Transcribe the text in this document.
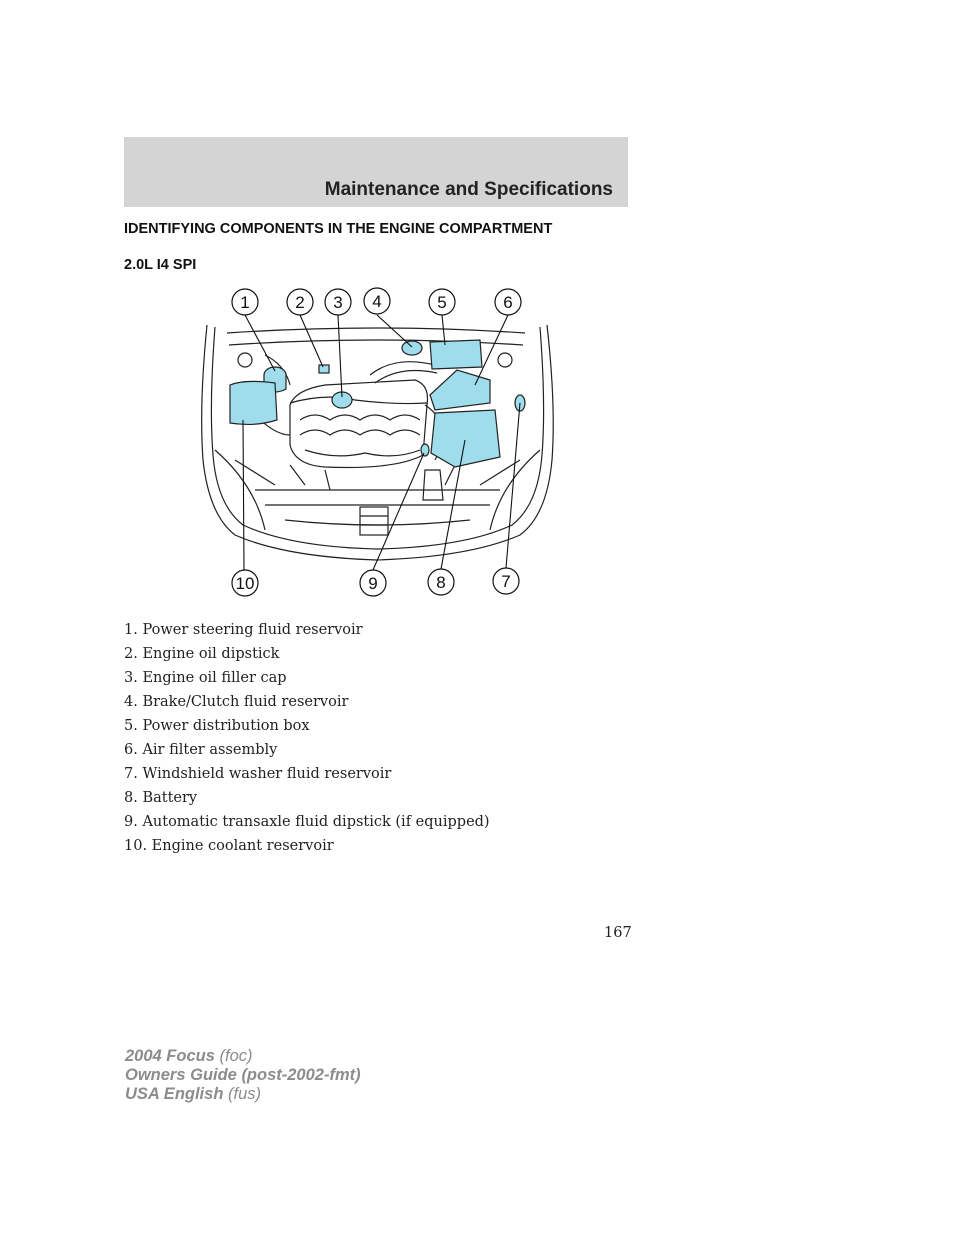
Maintenance and Specifications
IDENTIFYING COMPONENTS IN THE ENGINE COMPARTMENT
2.0L I4 SPI
1	2 3 4	5	6
7
8
9
10
1. Power steering fluid reservoir
2. Engine oil dipstick
3. Engine oil filler cap
4. Brake/Clutch fluid reservoir
5. Power distribution box
6. Air filter assembly
7. Windshield washer fluid reservoir
8. Battery
9. Automatic transaxle fluid dipstick (if equipped)
10. Engine coolant reservoir
167
2004 Focus (foc)
Owners Guide (post-2002-fmt)
USA English (fus)
